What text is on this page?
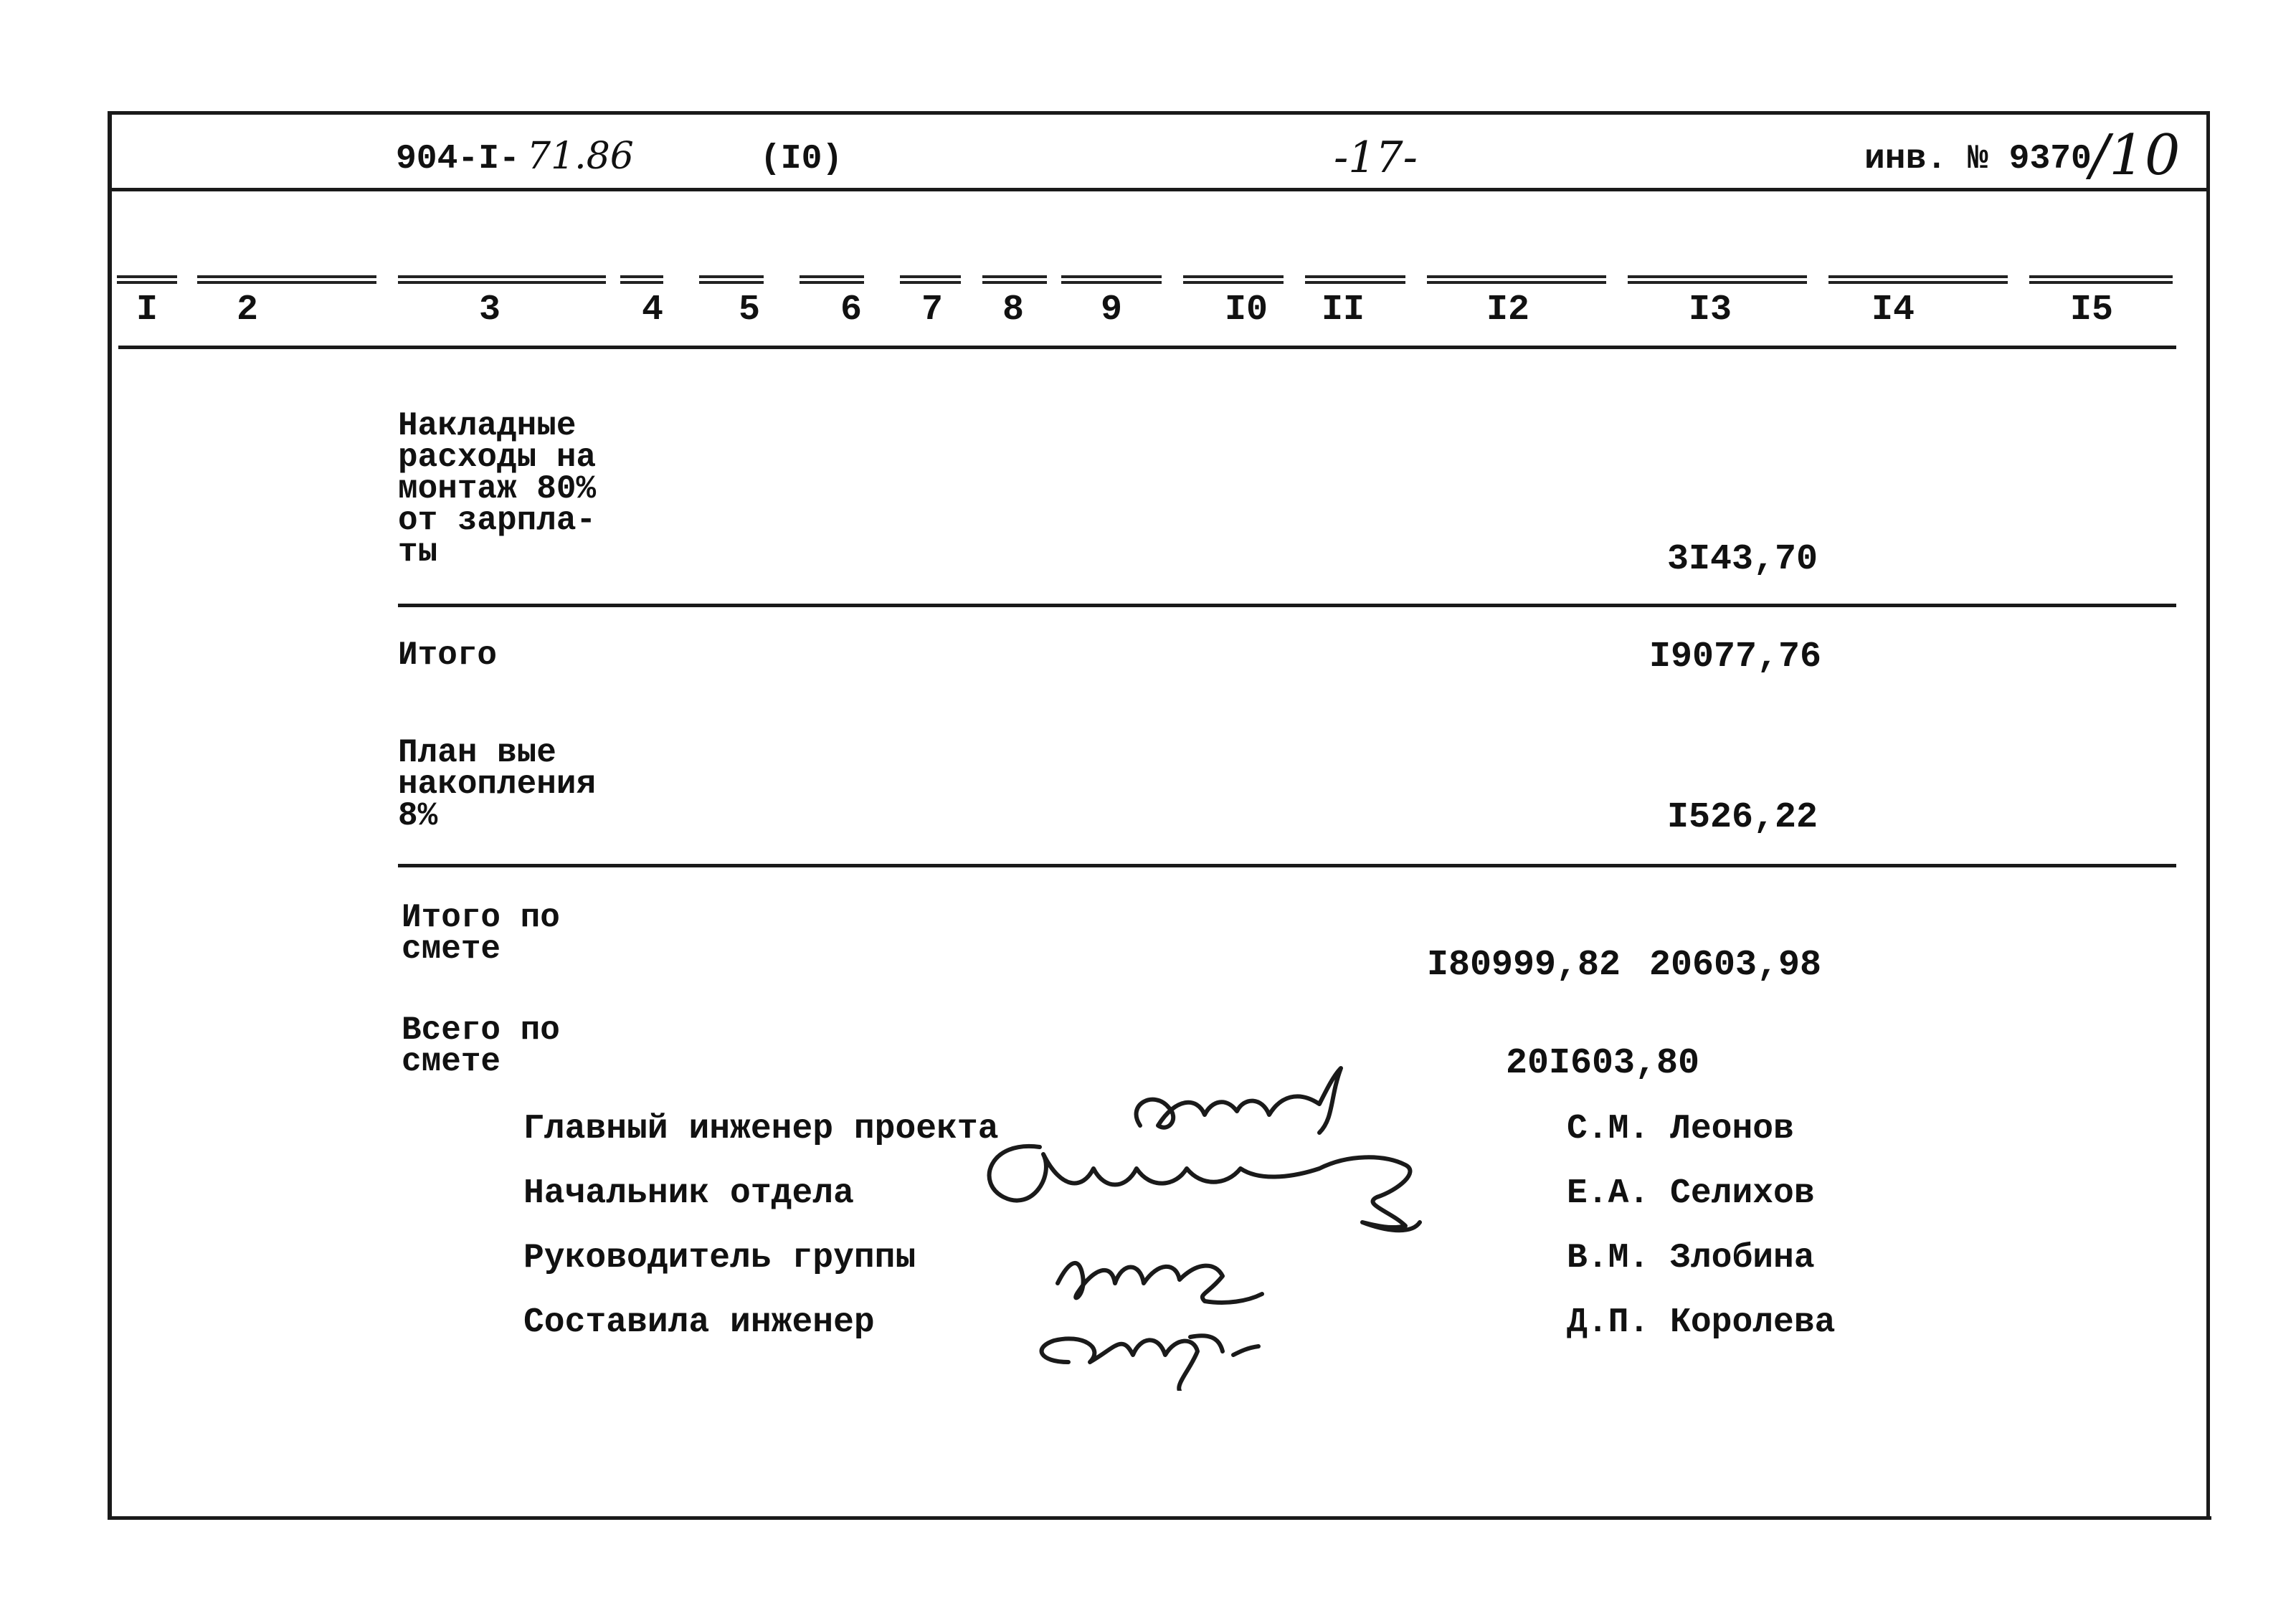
904-I- 71.86	(I0)	-17-	инв. № 9370
/10
I 2	3	4 5 6 7 8 9	I0 II	I2	I3	I4	I5
Накладные
расходы на
монтаж 80%
от зарпла-
ты	3I43,70
Итого	I9077,76
План вые
накопления
8%	I526,22
Итого по
смете	I80999,82 20603,98
Всего по
смете	20I603,80
Главный инженер проекта	С.М. Леонов
Начальник отдела	Е.А. Селихов
Руководитель группы	В.М. Злобина
Составила инженер	Д.П. Королева
